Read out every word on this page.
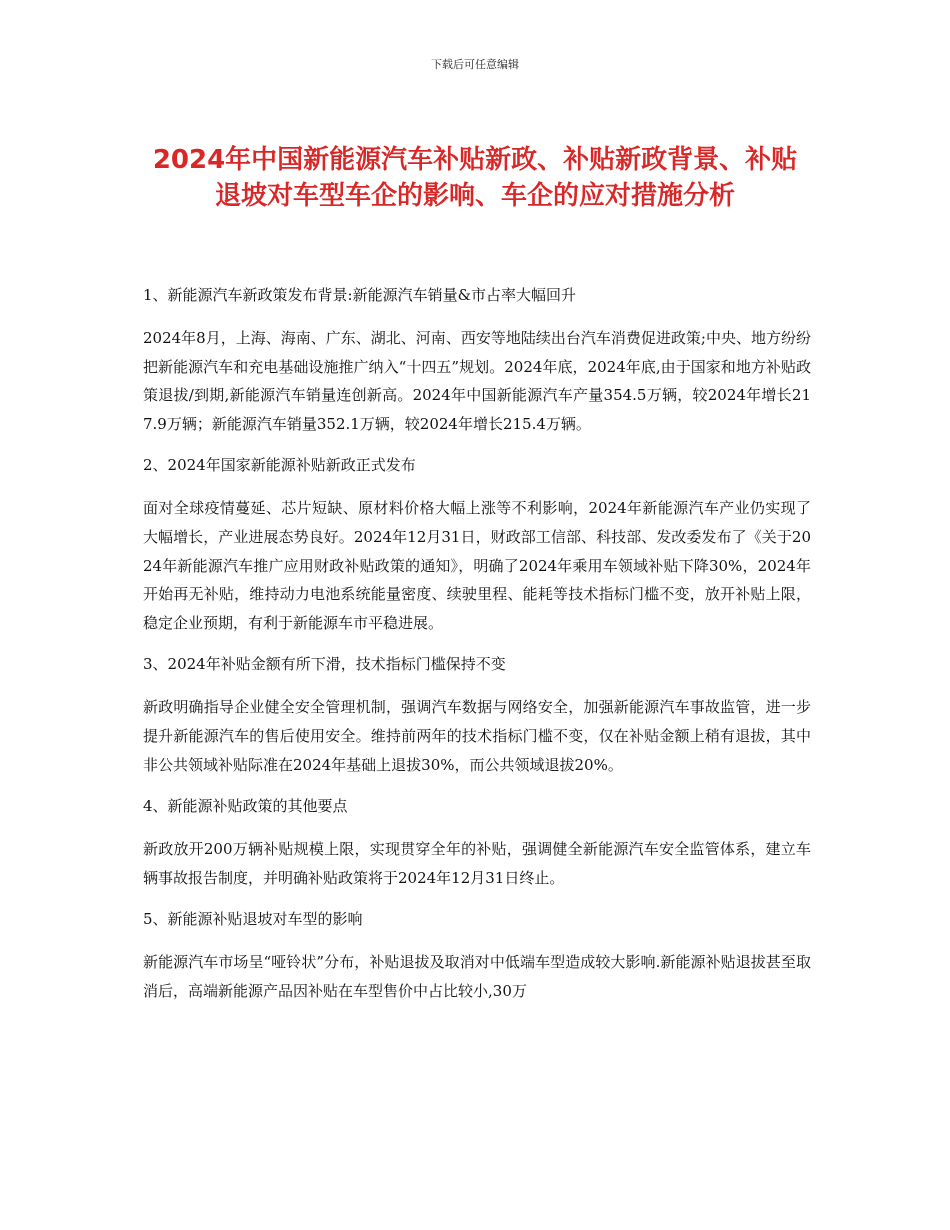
下载后可任意编辑
2024年中国新能源汽车补贴新政、补贴新政背景、补贴退坡对车型车企的影响、车企的应对措施分析

1、新能源汽车新政策发布背景:新能源汽车销量&市占率大幅回升

2024年8月，上海、海南、广东、湖北、河南、西安等地陆续出台汽车消费促进政策;中央、地方纷纷把新能源汽车和充电基础设施推广纳入“十四五”规划。2024年底，2024年底,由于国家和地方补贴政策退拔/到期,新能源汽车销量连创新高。2024年中国新能源汽车产量354.5万辆，较2024年增长217.9万辆；新能源汽车销量352.1万辆，较2024年增长215.4万辆。

2、2024年国家新能源补贴新政正式发布

面对全球疫情蔓延、芯片短缺、原材料价格大幅上涨等不利影响，2024年新能源汽车产业仍实现了大幅增长，产业进展态势良好。2024年12月31日，财政部工信部、科技部、发改委发布了《关于2024年新能源汽车推广应用财政补贴政策的通知》，明确了2024年乘用车领域补贴下降30%，2024年开始再无补贴，维持动力电池系统能量密度、续驶里程、能耗等技术指标门槛不变，放开补贴上限，稳定企业预期，有利于新能源车市平稳进展。

3、2024年补贴金额有所下滑，技术指标门槛保持不变

新政明确指导企业健全安全管理机制，强调汽车数据与网络安全，加强新能源汽车事故监管，进一步提升新能源汽车的售后使用安全。维持前两年的技术指标门槛不变，仅在补贴金额上稍有退拔，其中非公共领域补贴际准在2024年基础上退拔30%，而公共领域退拔20%。

4、新能源补贴政策的其他要点

新政放开200万辆补贴规模上限，实现贯穿全年的补贴，强调健全新能源汽车安全监管体系，建立车辆事故报告制度，并明确补贴政策将于2024年12月31日终止。

5、新能源补贴退坡对车型的影响

新能源汽车市场呈“哑铃状”分布，补贴退拔及取消对中低端车型造成较大影响.新能源补贴退拔甚至取消后，高端新能源产品因补贴在车型售价中占比较小,30万
